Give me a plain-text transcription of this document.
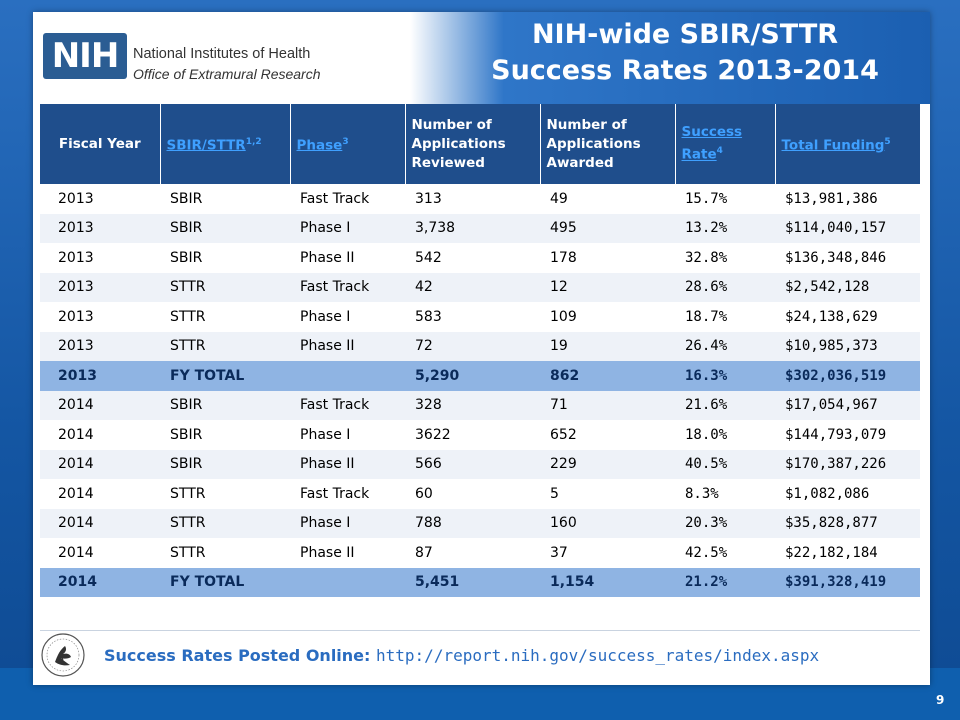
NIH National Institutes of Health
Office of Extramural Research
NIH-wide SBIR/STTR
Success Rates 2013-2014
Fiscal Year	SBIR/STTR$^{1,2}$	Phase$^3$	Number of Applications Reviewed	Number of Applications Awarded	Success Rate$^4$	Total Funding$^5$
2013	SBIR	Fast Track	313	49	15.7%	$13,981,386
2013	SBIR	Phase I	3,738	495	13.2%	$114,040,157
2013	SBIR	Phase II	542	178	32.8%	$136,348,846
2013	STTR	Fast Track	42	12	28.6%	$2,542,128
2013	STTR	Phase I	583	109	18.7%	$24,138,629
2013	STTR	Phase II	72	19	26.4%	$10,985,373
2013	FY TOTAL		5,290	862	16.3%	$302,036,519
2014	SBIR	Fast Track	328	71	21.6%	$17,054,967
2014	SBIR	Phase I	3622	652	18.0%	$144,793,079
2014	SBIR	Phase II	566	229	40.5%	$170,387,226
2014	STTR	Fast Track	60	5	8.3%	$1,082,086
2014	STTR	Phase I	788	160	20.3%	$35,828,877
2014	STTR	Phase II	87	37	42.5%	$22,182,184
2014	FY TOTAL		5,451	1,154	21.2%	$391,328,419
Success Rates Posted Online: http://report.nih.gov/success_rates/index.aspx
9
